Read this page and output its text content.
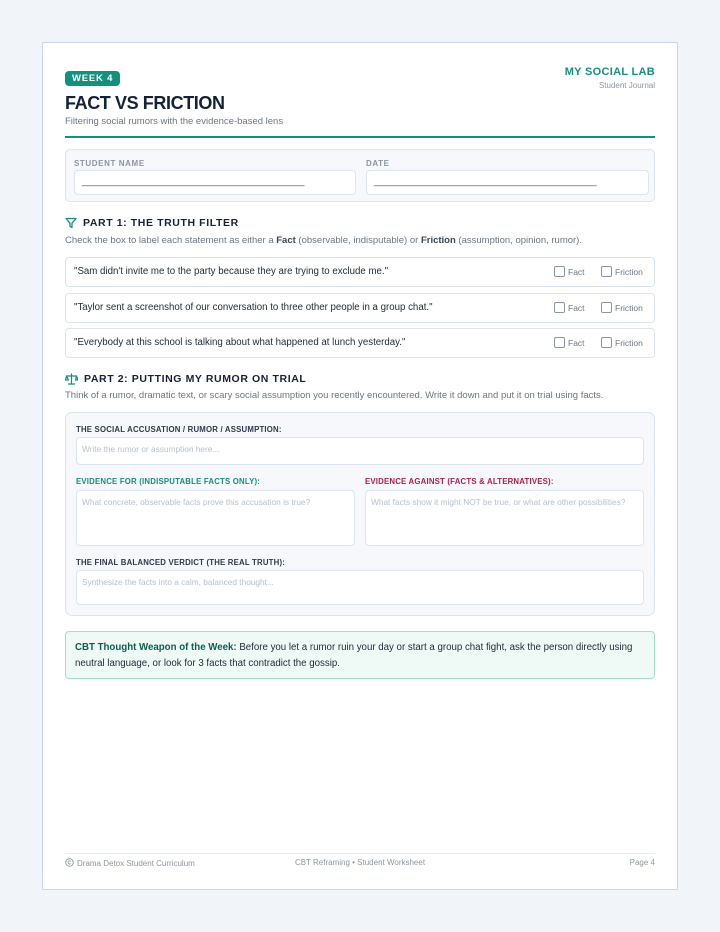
WEEK 4
MY SOCIAL LAB
Student Journal
FACT VS FRICTION
Filtering social rumors with the evidence-based lens
STUDENT NAME
________________________________________
DATE
________________________________________
PART 1: THE TRUTH FILTER
Check the box to label each statement as either a Fact (observable, indisputable) or Friction (assumption, opinion, rumor).
"Sam didn't invite me to the party because they are trying to exclude me."	Fact	Friction
"Taylor sent a screenshot of our conversation to three other people in a group chat."	Fact	Friction
"Everybody at this school is talking about what happened at lunch yesterday."	Fact	Friction
PART 2: PUTTING MY RUMOR ON TRIAL
Think of a rumor, dramatic text, or scary social assumption you recently encountered. Write it down and put it on trial using facts.
THE SOCIAL ACCUSATION / RUMOR / ASSUMPTION:
Write the rumor or assumption here...
EVIDENCE FOR (INDISPUTABLE FACTS ONLY):
What concrete, observable facts prove this accusation is true?
EVIDENCE AGAINST (FACTS & ALTERNATIVES):
What facts show it might NOT be true, or what are other possibilities?
THE FINAL BALANCED VERDICT (THE REAL TRUTH):
Synthesize the facts into a calm, balanced thought...
CBT Thought Weapon of the Week: Before you let a rumor ruin your day or start a group chat fight, ask the person directly using neutral language, or look for 3 facts that contradict the gossip.
Drama Detox Student Curriculum	CBT Reframing • Student Worksheet	Page 4
